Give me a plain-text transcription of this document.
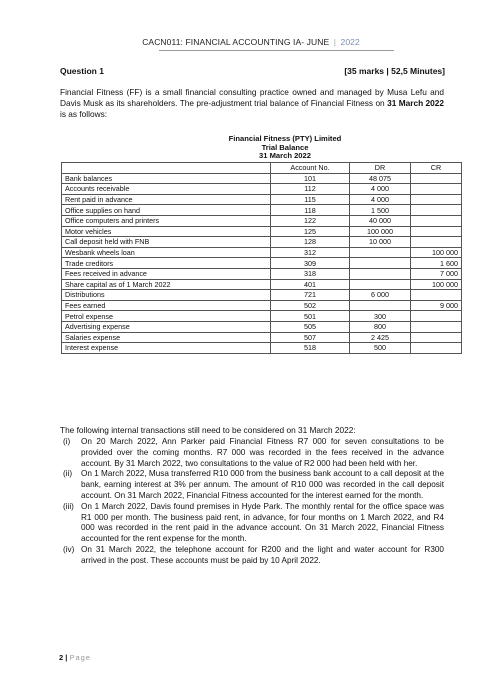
CACN011: FINANCIAL ACCOUNTING IA- JUNE | 2022
Question 1	[35 marks | 52,5 Minutes]
Financial Fitness (FF) is a small financial consulting practice owned and managed by Musa Lefu and Davis Musk as its shareholders. The pre-adjustment trial balance of Financial Fitness on 31 March 2022 is as follows:
Financial Fitness (PTY) Limited
Trial Balance
31 March 2022
	Account No.	DR	CR
Bank balances	101	48 075	
Accounts receivable	112	4 000	
Rent paid in advance	115	4 000	
Office supplies on hand	118	1 500	
Office computers and printers	122	40 000	
Motor vehicles	125	100 000	
Call deposit held with FNB	128	10 000	
Wesbank wheels loan	312		100 000
Trade creditors	309		1 600
Fees received in advance	318		7 000
Share capital as of 1 March 2022	401		100 000
Distributions	721	6 000	
Fees earned	502		9 000
Petrol expense	501	300	
Advertising expense	505	800	
Salaries expense	507	2 425	
Interest expense	518	500	
The following internal transactions still need to be considered on 31 March 2022:
(i)	On 20 March 2022, Ann Parker paid Financial Fitness R7 000 for seven consultations to be provided over the coming months. R7 000 was recorded in the fees received in the advance account. By 31 March 2022, two consultations to the value of R2 000 had been held with her.
(ii)	On 1 March 2022, Musa transferred R10 000 from the business bank account to a call deposit at the bank, earning interest at 3% per annum. The amount of R10 000 was recorded in the call deposit account. On 31 March 2022, Financial Fitness accounted for the interest earned for the month.
(iii) On 1 March 2022, Davis found premises in Hyde Park. The monthly rental for the office space was R1 000 per month. The business paid rent, in advance, for four months on 1 March 2022, and R4 000 was recorded in the rent paid in the advance account. On 31 March 2022, Financial Fitness accounted for the rent expense for the month.
(iv) On 31 March 2022, the telephone account for R200 and the light and water account for R300 arrived in the post. These accounts must be paid by 10 April 2022.
2 | Page
